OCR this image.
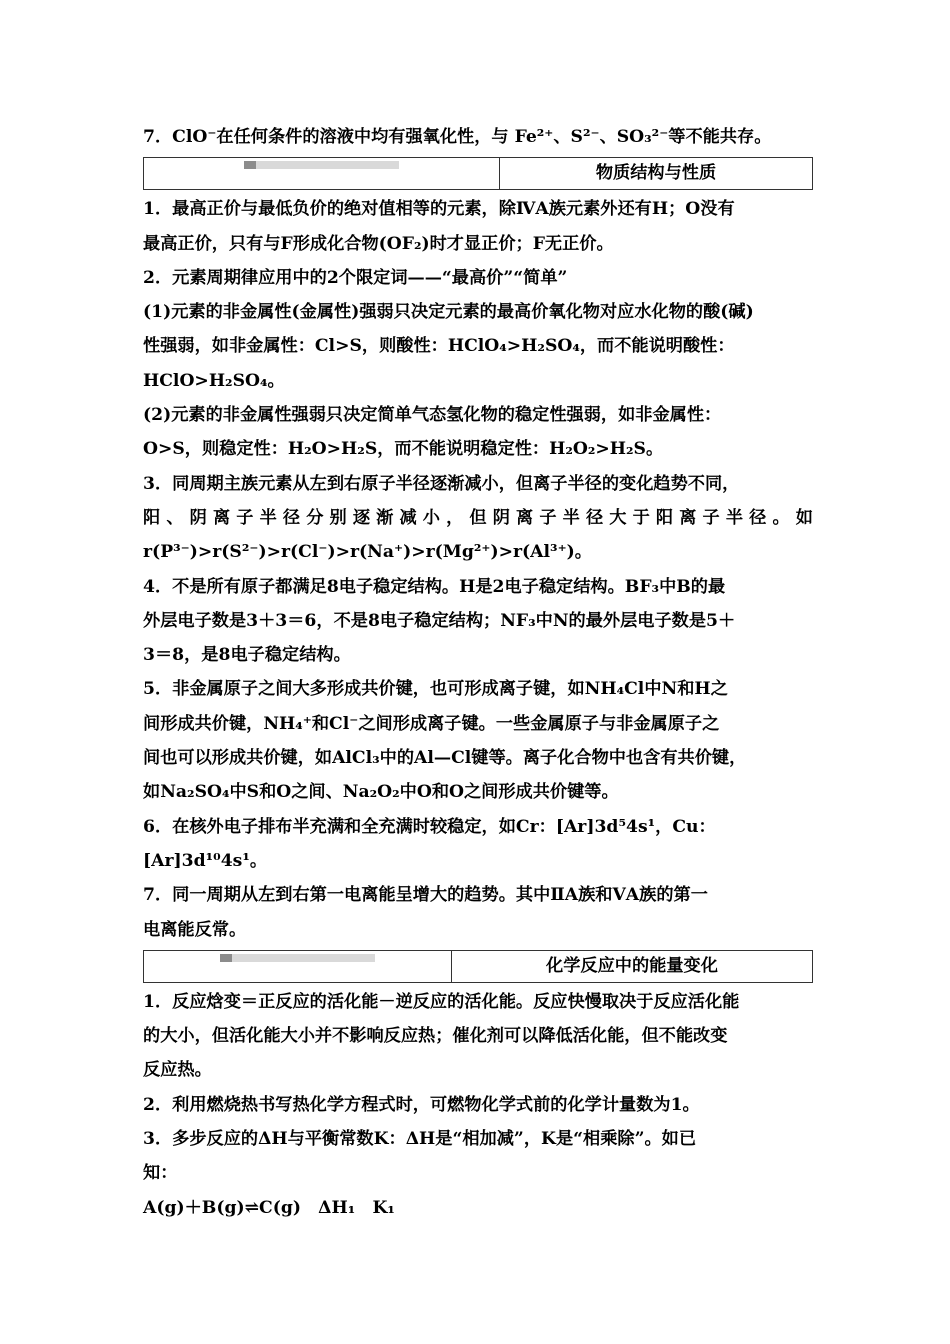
7．ClO⁻在任何条件的溶液中均有强氧化性，与 Fe²⁺、S²⁻、SO₃²⁻等不能共存。
物质结构与性质
1．最高正价与最低负价的绝对值相等的元素，除ⅣA族元素外还有H；O没有
最高正价，只有与F形成化合物(OF₂)时才显正价；F无正价。
2．元素周期律应用中的2个限定词——“最高价”“简单”
(1)元素的非金属性(金属性)强弱只决定元素的最高价氧化物对应水化物的酸(碱)
性强弱，如非金属性：Cl>S，则酸性：HClO₄>H₂SO₄，而不能说明酸性：
HClO>H₂SO₄。
(2)元素的非金属性强弱只决定简单气态氢化物的稳定性强弱，如非金属性：
O>S，则稳定性：H₂O>H₂S，而不能说明稳定性：H₂O₂>H₂S。
3．同周期主族元素从左到右原子半径逐渐减小，但离子半径的变化趋势不同，
阳、阴离子半径分别逐渐减小，但阴离子半径大于阳离子半径。如
r(P³⁻)>r(S²⁻)>r(Cl⁻)>r(Na⁺)>r(Mg²⁺)>r(Al³⁺)。
4．不是所有原子都满足8电子稳定结构。H是2电子稳定结构。BF₃中B的最
外层电子数是3＋3＝6，不是8电子稳定结构；NF₃中N的最外层电子数是5＋
3＝8，是8电子稳定结构。
5．非金属原子之间大多形成共价键，也可形成离子键，如NH₄Cl中N和H之
间形成共价键，NH₄⁺和Cl⁻之间形成离子键。一些金属原子与非金属原子之
间也可以形成共价键，如AlCl₃中的Al—Cl键等。离子化合物中也含有共价键，
如Na₂SO₄中S和O之间、Na₂O₂中O和O之间形成共价键等。
6．在核外电子排布半充满和全充满时较稳定，如Cr：[Ar]3d⁵4s¹，Cu：
[Ar]3d¹⁰4s¹。
7．同一周期从左到右第一电离能呈增大的趋势。其中ⅡA族和ⅤA族的第一
电离能反常。
化学反应中的能量变化
1．反应焓变＝正反应的活化能－逆反应的活化能。反应快慢取决于反应活化能
的大小，但活化能大小并不影响反应热；催化剂可以降低活化能，但不能改变
反应热。
2．利用燃烧热书写热化学方程式时，可燃物化学式前的化学计量数为1。
3．多步反应的ΔH与平衡常数K：ΔH是“相加减”，K是“相乘除”。如已
知：
A(g)＋B(g)⇌C(g)　ΔH₁　K₁
